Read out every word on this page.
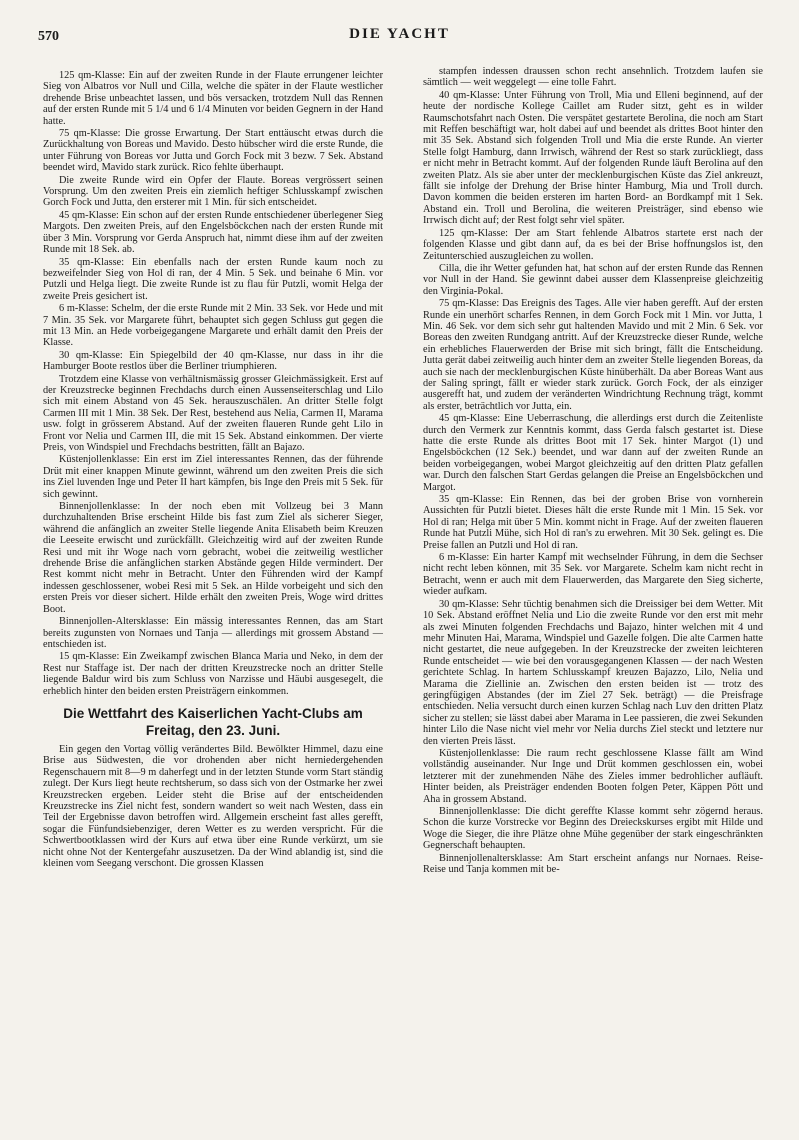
570	DIE YACHT

125 qm-Klasse: Ein auf der zweiten Runde in der Flaute errungener leichter Sieg von Albatros vor Null und Cilla, welche die später in der Flaute westlicher drehende Brise unbeachtet lassen, und bös versacken, trotzdem Null das Rennen auf der ersten Runde mit 5 1/4 und 6 1/4 Minuten vor beiden Gegnern in der Hand hatte.

75 qm-Klasse: Die grosse Erwartung. Der Start enttäuscht etwas durch die Zurückhaltung von Boreas und Mavido. Desto hübscher wird die erste Runde, die unter Führung von Boreas vor Jutta und Gorch Fock mit 3 bezw. 7 Sek. Abstand beendet wird, Mavido stark zurück. Rico fehlte überhaupt.

Die zweite Runde wird ein Opfer der Flaute. Boreas vergrössert seinen Vorsprung. Um den zweiten Preis ein ziemlich heftiger Schlusskampf zwischen Gorch Fock und Jutta, den ersterer mit 1 Min. für sich entscheidet.

45 qm-Klasse: Ein schon auf der ersten Runde entschiedener überlegener Sieg Margots. Den zweiten Preis, auf den Engelsböckchen nach der ersten Runde mit über 3 Min. Vorsprung vor Gerda Anspruch hat, nimmt diese ihm auf der zweiten Runde mit 18 Sek. ab.

35 qm-Klasse: Ein ebenfalls nach der ersten Runde kaum noch zu bezweifelnder Sieg von Hol di ran, der 4 Min. 5 Sek. und beinahe 6 Min. vor Putzli und Helga liegt. Die zweite Runde ist zu flau für Putzli, womit Helga der zweite Preis gesichert ist.

6 m-Klasse: Schelm, der die erste Runde mit 2 Min. 33 Sek. vor Hede und mit 7 Min. 35 Sek. vor Margarete führt, behauptet sich gegen Schluss gut gegen die mit 13 Min. an Hede vorbeigegangene Margarete und erhält damit den Preis der Klasse.

30 qm-Klasse: Ein Spiegelbild der 40 qm-Klasse, nur dass in ihr die Hamburger Boote restlos über die Berliner triumphieren.

Trotzdem eine Klasse von verhältnismässig grosser Gleichmässigkeit. Erst auf der Kreuzstrecke beginnen Frechdachs durch einen Aussenseiterschlag und Lilo sich mit einem Abstand von 45 Sek. herauszuschälen. An dritter Stelle folgt Carmen III mit 1 Min. 38 Sek. Der Rest, bestehend aus Nelia, Carmen II, Marama usw. folgt in grösserem Abstand. Auf der zweiten flaueren Runde geht Lilo in Front vor Nelia und Carmen III, die mit 15 Sek. Abstand einkommen. Der vierte Preis, von Windspiel und Frechdachs bestritten, fällt an Bajazo.

Küstenjollenklasse: Ein erst im Ziel interessantes Rennen, das der führende Drüt mit einer knappen Minute gewinnt, während um den zweiten Preis die sich ins Ziel luvenden Inge und Peter II hart kämpfen, bis Inge den Preis mit 5 Sek. für sich gewinnt.

Binnenjollenklasse: In der noch eben mit Vollzeug bei 3 Mann durchzuhaltenden Brise erscheint Hilde bis fast zum Ziel als sicherer Sieger, während die anfänglich an zweiter Stelle liegende Anita Elisabeth beim Kreuzen die Leeseite erwischt und zurückfällt. Gleichzeitig wird auf der zweiten Runde Resi und mit ihr Woge nach vorn gebracht, wobei die zeitweilig westlicher drehende Brise die anfänglichen starken Abstände gegen Hilde vermindert. Der Rest kommt nicht mehr in Betracht. Unter den Führenden wird der Kampf indessen geschlossener, wobei Resi mit 5 Sek. an Hilde vorbeigeht und sich den ersten Preis vor dieser sichert. Hilde erhält den zweiten Preis, Woge wird drittes Boot.

Binnenjollen-Altersklasse: Ein mässig interessantes Rennen, das am Start bereits zugunsten von Nornaes und Tanja — allerdings mit grossem Abstand — entschieden ist.

15 qm-Klasse: Ein Zweikampf zwischen Blanca Maria und Neko, in dem der Rest nur Staffage ist. Der nach der dritten Kreuzstrecke noch an dritter Stelle liegende Baldur wird bis zum Schluss von Narzisse und Häubi ausgesegelt, die erheblich hinter den beiden ersten Preisträgern einkommen.

Die Wettfahrt des Kaiserlichen Yacht-Clubs am Freitag, den 23. Juni.

Ein gegen den Vortag völlig verändertes Bild. Bewölkter Himmel, dazu eine Brise aus Südwesten, die vor drohenden aber nicht herniedergehenden Regenschauern mit 8—9 m daherfegt und in der letzten Stunde vorm Start ständig zulegt. Der Kurs liegt heute rechtsherum, so dass sich von der Ostmarke her zwei Kreuzstrecken ergeben. Leider steht die Brise auf der entscheidenden Kreuzstrecke ins Ziel nicht fest, sondern wandert so weit nach Westen, dass ein Teil der Ergebnisse davon betroffen wird. Allgemein erscheint fast alles gerefft, sogar die Fünfundsiebenziger, deren Wetter es zu werden verspricht. Für die Schwertbootklassen wird der Kurs auf etwa über eine Runde verkürzt, um sie nicht ohne Not der Kentergefahr auszusetzen. Da der Wind ablandig ist, sind die kleinen vom Seegang verschont. Die grossen Klassen

stampfen indessen draussen schon recht ansehnlich. Trotzdem laufen sie sämtlich — weit weggelegt — eine tolle Fahrt.

40 qm-Klasse: Unter Führung von Troll, Mia und Elleni beginnend, auf der heute der nordische Kollege Caillet am Ruder sitzt, geht es in wilder Raumschotsfahrt nach Osten. Die verspätet gestartete Berolina, die noch am Start mit Reffen beschäftigt war, holt dabei auf und beendet als drittes Boot hinter den mit 35 Sek. Abstand sich folgenden Troll und Mia die erste Runde. An vierter Stelle folgt Hamburg, dann Irrwisch, während der Rest so stark zurückliegt, dass er nicht mehr in Betracht kommt. Auf der folgenden Runde läuft Berolina auf den zweiten Platz. Als sie aber unter der mecklenburgischen Küste das Ziel ankreuzt, fällt sie infolge der Drehung der Brise hinter Hamburg, Mia und Troll durch. Davon kommen die beiden ersteren im harten Bord- an Bordkampf mit 1 Sek. Abstand ein. Troll und Berolina, die weiteren Preisträger, sind ebenso wie Irrwisch dicht auf; der Rest folgt sehr viel später.

125 qm-Klasse: Der am Start fehlende Albatros startete erst nach der folgenden Klasse und gibt dann auf, da es bei der Brise hoffnungslos ist, den Zeitunterschied auszugleichen zu wollen.

Cilla, die ihr Wetter gefunden hat, hat schon auf der ersten Runde das Rennen vor Null in der Hand. Sie gewinnt dabei ausser dem Klassenpreise gleichzeitig den Virginia-Pokal.

75 qm-Klasse: Das Ereignis des Tages. Alle vier haben gerefft. Auf der ersten Runde ein unerhört scharfes Rennen, in dem Gorch Fock mit 1 Min. vor Jutta, 1 Min. 46 Sek. vor dem sich sehr gut haltenden Mavido und mit 2 Min. 6 Sek. vor Boreas den zweiten Rundgang antritt. Auf der Kreuzstrecke dieser Runde, welche ein erhebliches Flauerwerden der Brise mit sich bringt, fällt die Entscheidung. Jutta gerät dabei zeitweilig auch hinter dem an zweiter Stelle liegenden Boreas, da auch sie nach der mecklenburgischen Küste hinüberhält. Da aber Boreas Want aus der Saling springt, fällt er wieder stark zurück. Gorch Fock, der als einziger ausgerefft hat, und zudem der veränderten Windrichtung Rechnung trägt, kommt als erster, beträchtlich vor Jutta, ein.

45 qm-Klasse: Eine Ueberraschung, die allerdings erst durch die Zeitenliste durch den Vermerk zur Kenntnis kommt, dass Gerda falsch gestartet ist. Diese hatte die erste Runde als drittes Boot mit 17 Sek. hinter Margot (1) und Engelsböckchen (12 Sek.) beendet, und war dann auf der zweiten Runde an beiden vorbeigegangen, wobei Margot gleichzeitig auf den dritten Platz gefallen war. Durch den falschen Start Gerdas gelangen die Preise an Engelsböckchen und Margot.

35 qm-Klasse: Ein Rennen, das bei der groben Brise von vornherein Aussichten für Putzli bietet. Dieses hält die erste Runde mit 1 Min. 15 Sek. vor Hol di ran; Helga mit über 5 Min. kommt nicht in Frage. Auf der zweiten flaueren Runde hat Putzli Mühe, sich Hol di ran's zu erwehren. Mit 30 Sek. gelingt es. Die Preise fallen an Putzli und Hol di ran.

6 m-Klasse: Ein harter Kampf mit wechselnder Führung, in dem die Sechser nicht recht leben können, mit 35 Sek. vor Margarete. Schelm kam nicht recht in Betracht, wenn er auch mit dem Flauerwerden, das Margarete den Sieg sicherte, wieder aufkam.

30 qm-Klasse: Sehr tüchtig benahmen sich die Dreissiger bei dem Wetter. Mit 10 Sek. Abstand eröffnet Nelia und Lio die zweite Runde vor den erst mit mehr als zwei Minuten folgenden Frechdachs und Bajazo, hinter welchen mit 4 und mehr Minuten Hai, Marama, Windspiel und Gazelle folgen. Die alte Carmen hatte nicht gestartet, die neue aufgegeben. In der Kreuzstrecke der zweiten leichteren Runde entscheidet — wie bei den vorausgegangenen Klassen — der nach Westen gerichtete Schlag. In hartem Schlusskampf kreuzen Bajazzo, Lilo, Nelia und Marama die Ziellinie an. Zwischen den ersten beiden ist — trotz des geringfügigen Abstandes (der im Ziel 27 Sek. beträgt) — die Preisfrage entschieden. Nelia versucht durch einen kurzen Schlag nach Luv den dritten Platz sicher zu stellen; sie lässt dabei aber Marama in Lee passieren, die zwei Sekunden hinter Lilo die Nase nicht viel mehr vor Nelia durchs Ziel steckt und letztere nur den vierten Preis lässt.

Küstenjollenklasse: Die raum recht geschlossene Klasse fällt am Wind vollständig auseinander. Nur Inge und Drüt kommen geschlossen ein, wobei letzterer mit der zunehmenden Nähe des Zieles immer bedrohlicher aufläuft. Hinter beiden, als Preisträger endenden Booten folgen Peter, Käppen Pött und Aha in grossem Abstand.

Binnenjollenklasse: Die dicht gereffte Klasse kommt sehr zögernd heraus. Schon die kurze Vorstrecke vor Beginn des Dreieckskurses ergibt mit Hilde und Woge die Sieger, die ihre Plätze ohne Mühe gegenüber der stark eingeschränkten Gegnerschaft behaupten.

Binnenjollenaltersklasse: Am Start erscheint anfangs nur Nornaes. Reise-Reise und Tanja kommen mit be-
